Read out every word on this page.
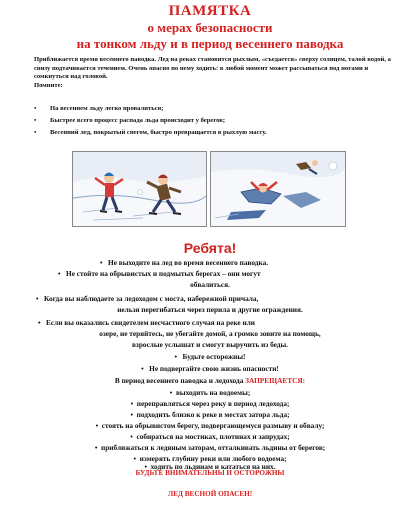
ПАМЯТКА
о мерах безопасности
на тонком льду и в период весеннего паводка

Приближается время весеннего паводка. Лед на реках становится рыхлым, «съедается» сверху солнцем, талой водой, а снизу подтачивается течением. Очень опасно по нему ходить: в любой момент может рассыпаться под ногами и сомкнуться над головой.

Помните:

• На весеннем льду легко провалиться;
• Быстрее всего процесс распада льда происходит у берегов;
• Весенний лед, покрытый снегом, быстро превращается в рыхлую массу.
Ребята!
•   Не выходите на лед во время весеннего паводка.
•   Не стойте на обрывистых и подмытых берегах – они могут
обвалиться.
•   Когда вы наблюдаете за ледоходом с моста, набережной причала,
нельзя перегибаться через перила и другие ограждения.
•   Если вы оказались свидетелем несчастного случая на реке или
озере, не теряйтесь, не убегайте домой, а громко зовите на помощь,
взрослые услышат и смогут выручить из беды.
•   Будьте осторожны!
•   Не подвергайте свою жизнь опасности!
В период весеннего паводка и ледохода ЗАПРЕЩАЕТСЯ:
•  выходить на водоемы;
•  переправляться через реку в период ледохода;
•  подходить близко к реке в местах затора льда;
•  стоять на обрывистом берегу, подвергающемуся размыву и обвалу;
•  собираться на мостиках, плотинах и запрудах;
•  приближаться к ледяным заторам, отталкивать льдины от берегов;
•  измерять глубину реки или любого водоема;
•  ходить по льдинам и кататься на них.
БУДЬТЕ ВНИМАТЕЛЬНЫ И ОСТОРОЖНЫ
ЛЕД ВЕСНОЙ ОПАСЕН!
